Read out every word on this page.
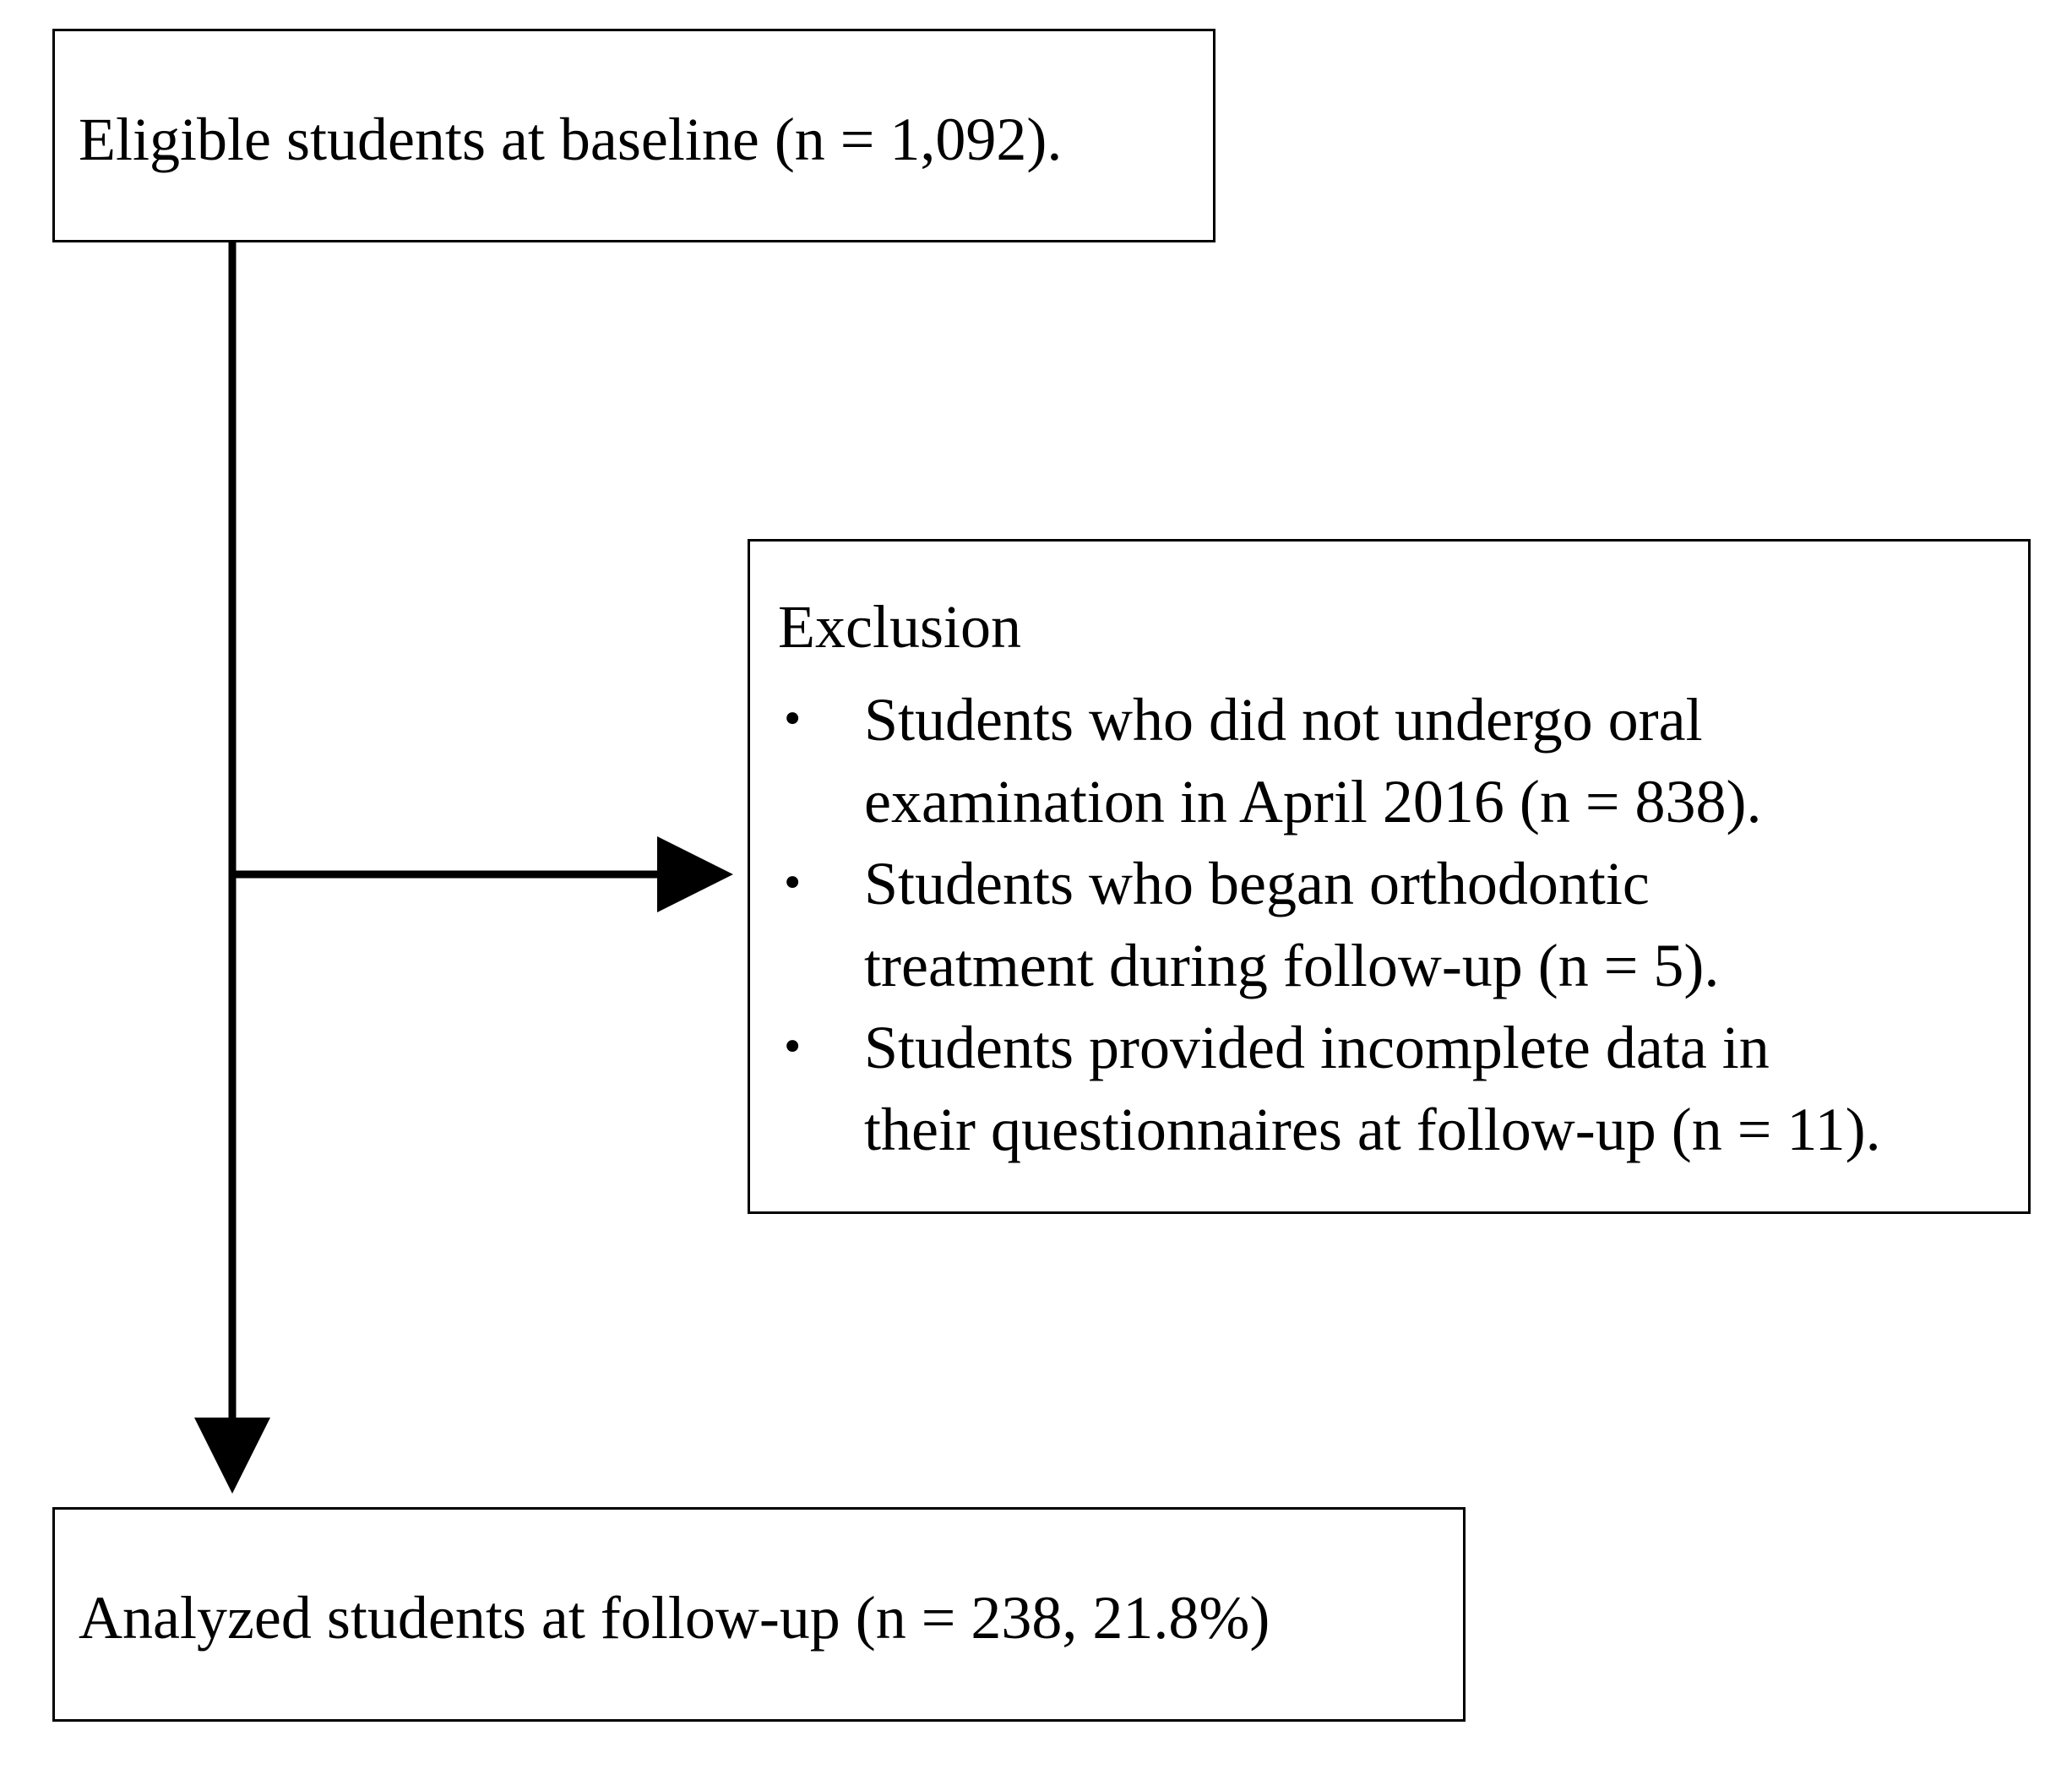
Eligible students at baseline (n = 1,092).
Exclusion
• Students who did not undergo oral
examination in April 2016 (n = 838).
• Students who began orthodontic
treatment during follow-up (n = 5).
• Students provided incomplete data in
their questionnaires at follow-up (n = 11).
Analyzed students at follow-up (n = 238, 21.8%)
